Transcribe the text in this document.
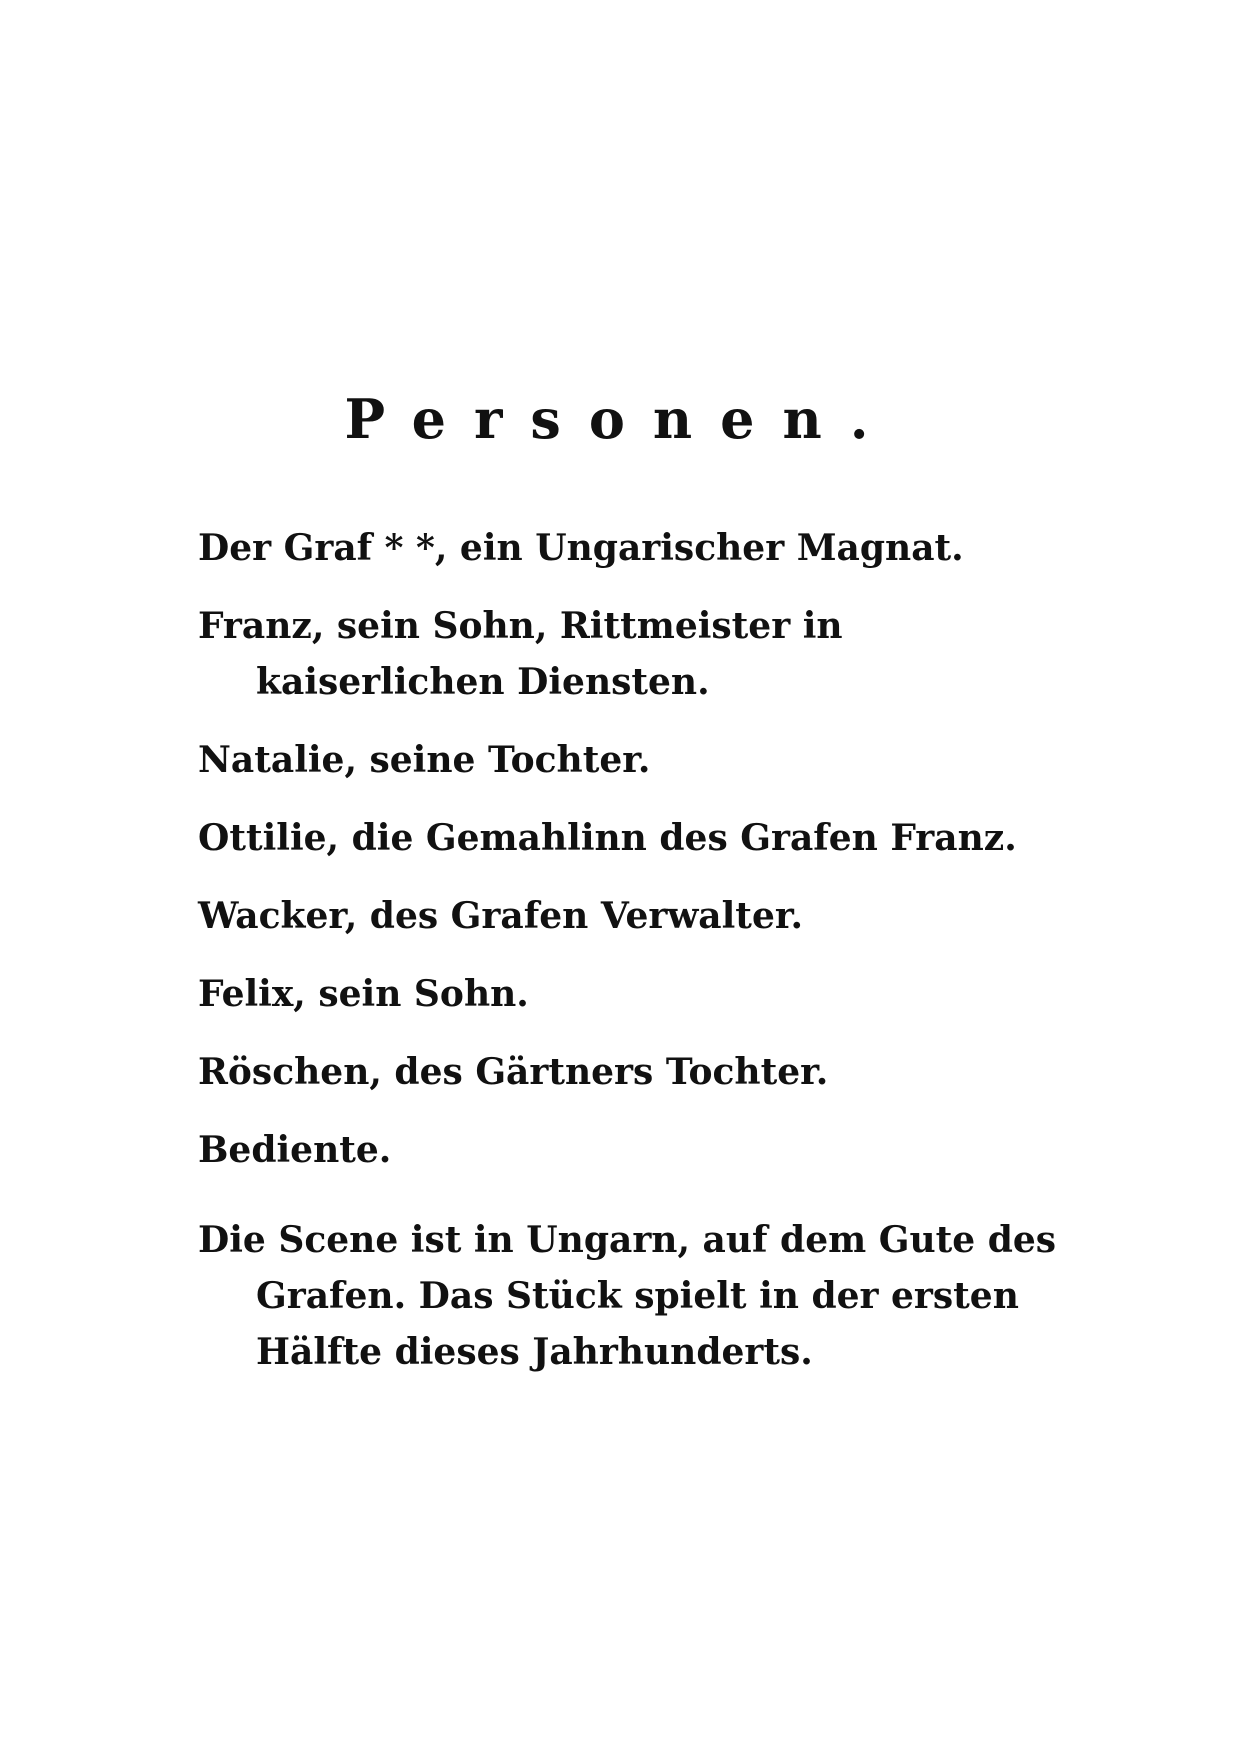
Personen.
Der Graf * *, ein Ungarischer Magnat.
Franz, sein Sohn, Rittmeister in kaiserlichen Diensten.
Natalie, seine Tochter.
Ottilie, die Gemahlinn des Grafen Franz.
Wacker, des Grafen Verwalter.
Felix, sein Sohn.
Röschen, des Gärtners Tochter.
Bediente.

Die Scene ist in Ungarn, auf dem Gute des Grafen. Das Stück spielt in der ersten Hälfte dieses Jahrhunderts.
